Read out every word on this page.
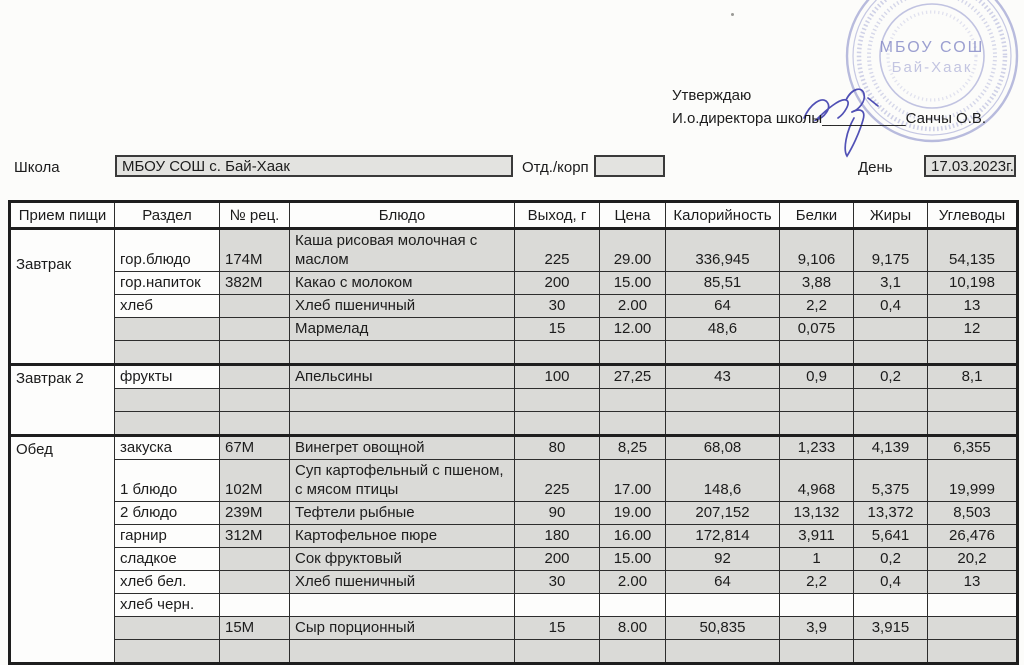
МБОУ СОШ
Бай-Хаак
Утверждаю
И.о.директора школы__________Санчы О.В.
Школа	МБОУ СОШ с. Бай-Хаак	Отд./корп	День	17.03.2023г.
Прием пищи	Раздел	№ рец.	Блюдо	Выход, г	Цена	Калорийность	Белки	Жиры	Углеводы
Завтрак	гор.блюдо	174М	Каша рисовая молочная с маслом	225	29.00	336,945	9,106	9,175	54,135
	гор.напиток	382М	Какао с молоком	200	15.00	85,51	3,88	3,1	10,198
	хлеб		Хлеб пшеничный	30	2.00	64	2,2	0,4	13
			Мармелад	15	12.00	48,6	0,075		12

Завтрак 2	фрукты		Апельсины	100	27,25	43	0,9	0,2	8,1

Обед	закуска	67М	Винегрет овощной	80	8,25	68,08	1,233	4,139	6,355
	1 блюдо	102М	Суп картофельный с пшеном, с мясом птицы	225	17.00	148,6	4,968	5,375	19,999
	2 блюдо	239М	Тефтели рыбные	90	19.00	207,152	13,132	13,372	8,503
	гарнир	312М	Картофельное пюре	180	16.00	172,814	3,911	5,641	26,476
	сладкое		Сок фруктовый	200	15.00	92	1	0,2	20,2
	хлеб бел.		Хлеб пшеничный	30	2.00	64	2,2	0,4	13
	хлеб черн.								
		15М	Сыр порционный	15	8.00	50,835	3,9	3,915	
